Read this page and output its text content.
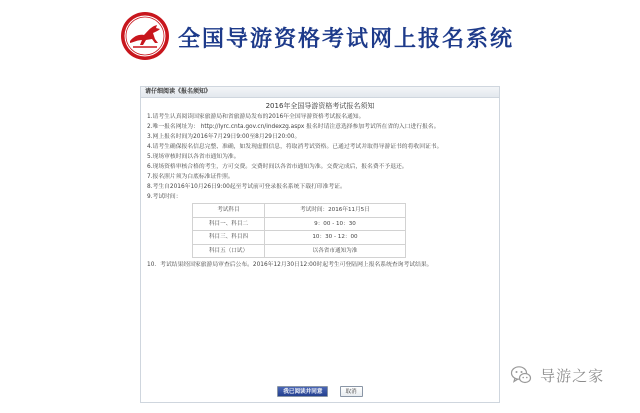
全国导游资格考试网上报名系统
请仔细阅读《报名须知》
2016年全国导游资格考试报名须知

1.请考生认真阅读国家旅游局和省旅游局发布的2016年全国导游资格考试报名通知。

2.唯一报名网址为： http://lyrc.cnta.gov.cn/indexzg.aspx 报名时请注意选择参加考试所在省的入口进行报名。

3.网上报名时间为2016年7月29日9:00至8月29日20:00。

4.请考生确保报名信息完整、准确，如发现虚假信息，将取消考试资格。已通过考试并取得导游证书的将收回证书。

5.现场审核时间以各省市通知为准。

6.现场资格审核合格的考生，方可交费。交费时间以各省市通知为准。交费完成后，报名费不予退还。

7.报名照片须为白底标准证件照。

8.考生自2016年10月26日9:00起至考试前可登录报名系统下载打印准考证。

9.考试时间：

考试科目	考试时间：2016年11月5日
科目一、科目二	9：00 - 10：30
科目三、科目四	10：30 - 12：00
科目五（口试）	以各省市通知为准

10．考试结果经国家旅游局审查后公布。2016年12月30日12:00时起考生可登陆网上报名系统查询考试结果。

我已阅读并同意	取消
导游之家
